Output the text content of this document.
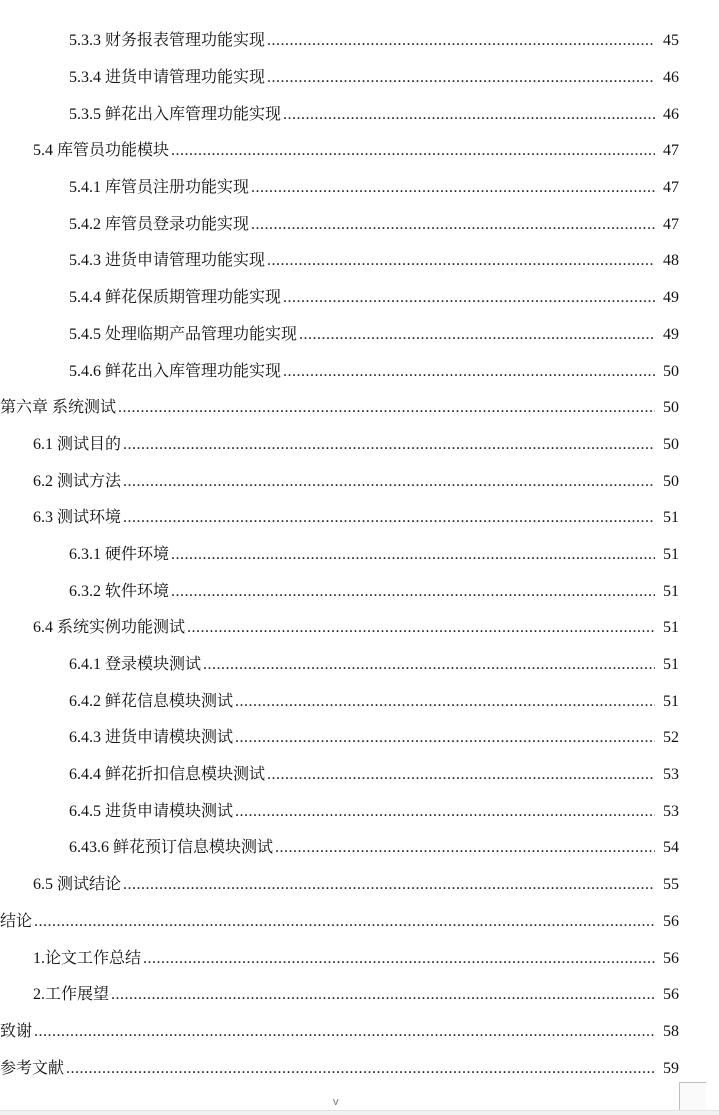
5.3.3 财务报表管理功能实现 .....	45
5.3.4 进货申请管理功能实现 .....	46
5.3.5 鲜花出入库管理功能实现 .....	46
5.4 库管员功能模块 .....	47
5.4.1 库管员注册功能实现 .....	47
5.4.2 库管员登录功能实现 .....	47
5.4.3 进货申请管理功能实现 .....	48
5.4.4 鲜花保质期管理功能实现 .....	49
5.4.5 处理临期产品管理功能实现 .....	49
5.4.6 鲜花出入库管理功能实现 .....	50
第六章 系统测试 .....	50
6.1 测试目的 .....	50
6.2 测试方法 .....	50
6.3 测试环境 .....	51
6.3.1 硬件环境 .....	51
6.3.2 软件环境 .....	51
6.4 系统实例功能测试 .....	51
6.4.1 登录模块测试 .....	51
6.4.2 鲜花信息模块测试 .....	51
6.4.3 进货申请模块测试 .....	52
6.4.4 鲜花折扣信息模块测试 .....	53
6.4.5 进货申请模块测试 .....	53
6.43.6 鲜花预订信息模块测试 .....	54
6.5 测试结论 .....	55
结论 .....	56
1.论文工作总结 .....	56
2.工作展望 .....	56
致谢 .....	58
参考文献 .....	59
v
